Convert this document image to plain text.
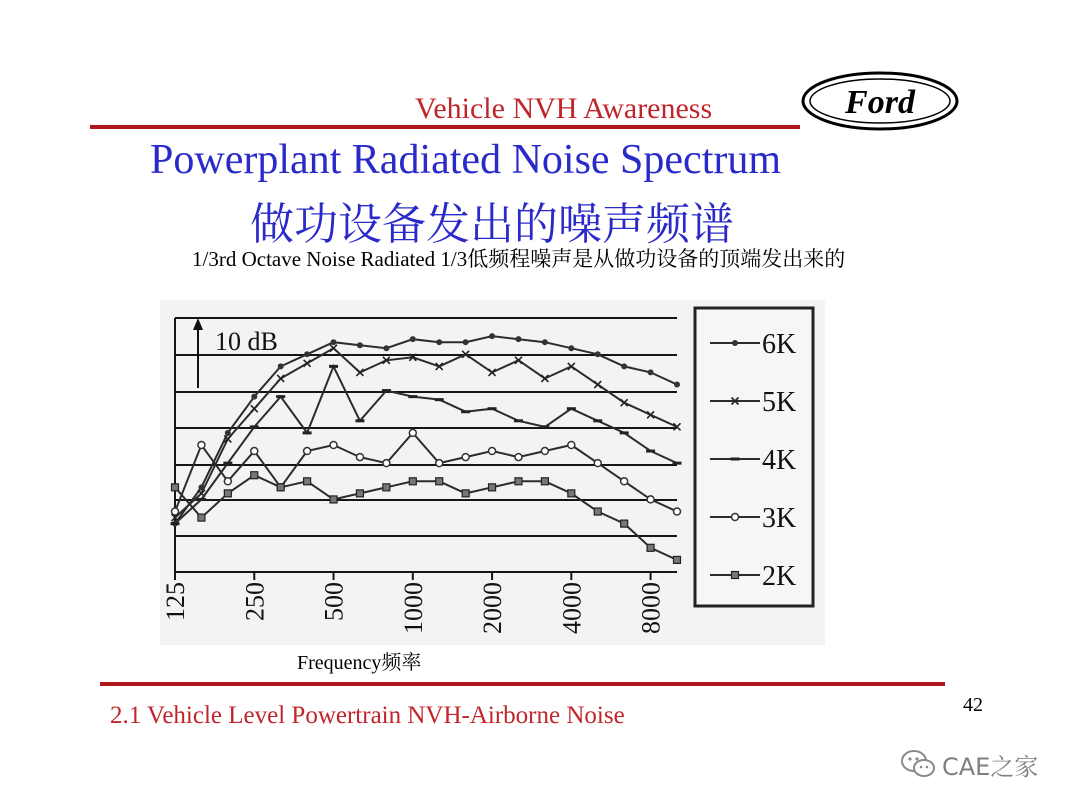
Vehicle NVH Awareness	Ford
Powerplant Radiated Noise Spectrum
做功设备发出的噪声频谱
1/3rd Octave Noise Radiated 1/3低频程噪声是从做功设备的顶端发出来的
125 250 500 1000 2000 4000 8000
6K
5K
4K
3K
2K
10 dB
Frequency频率
2.1 Vehicle Level Powertrain NVH-Airborne Noise	42
CAE之家
